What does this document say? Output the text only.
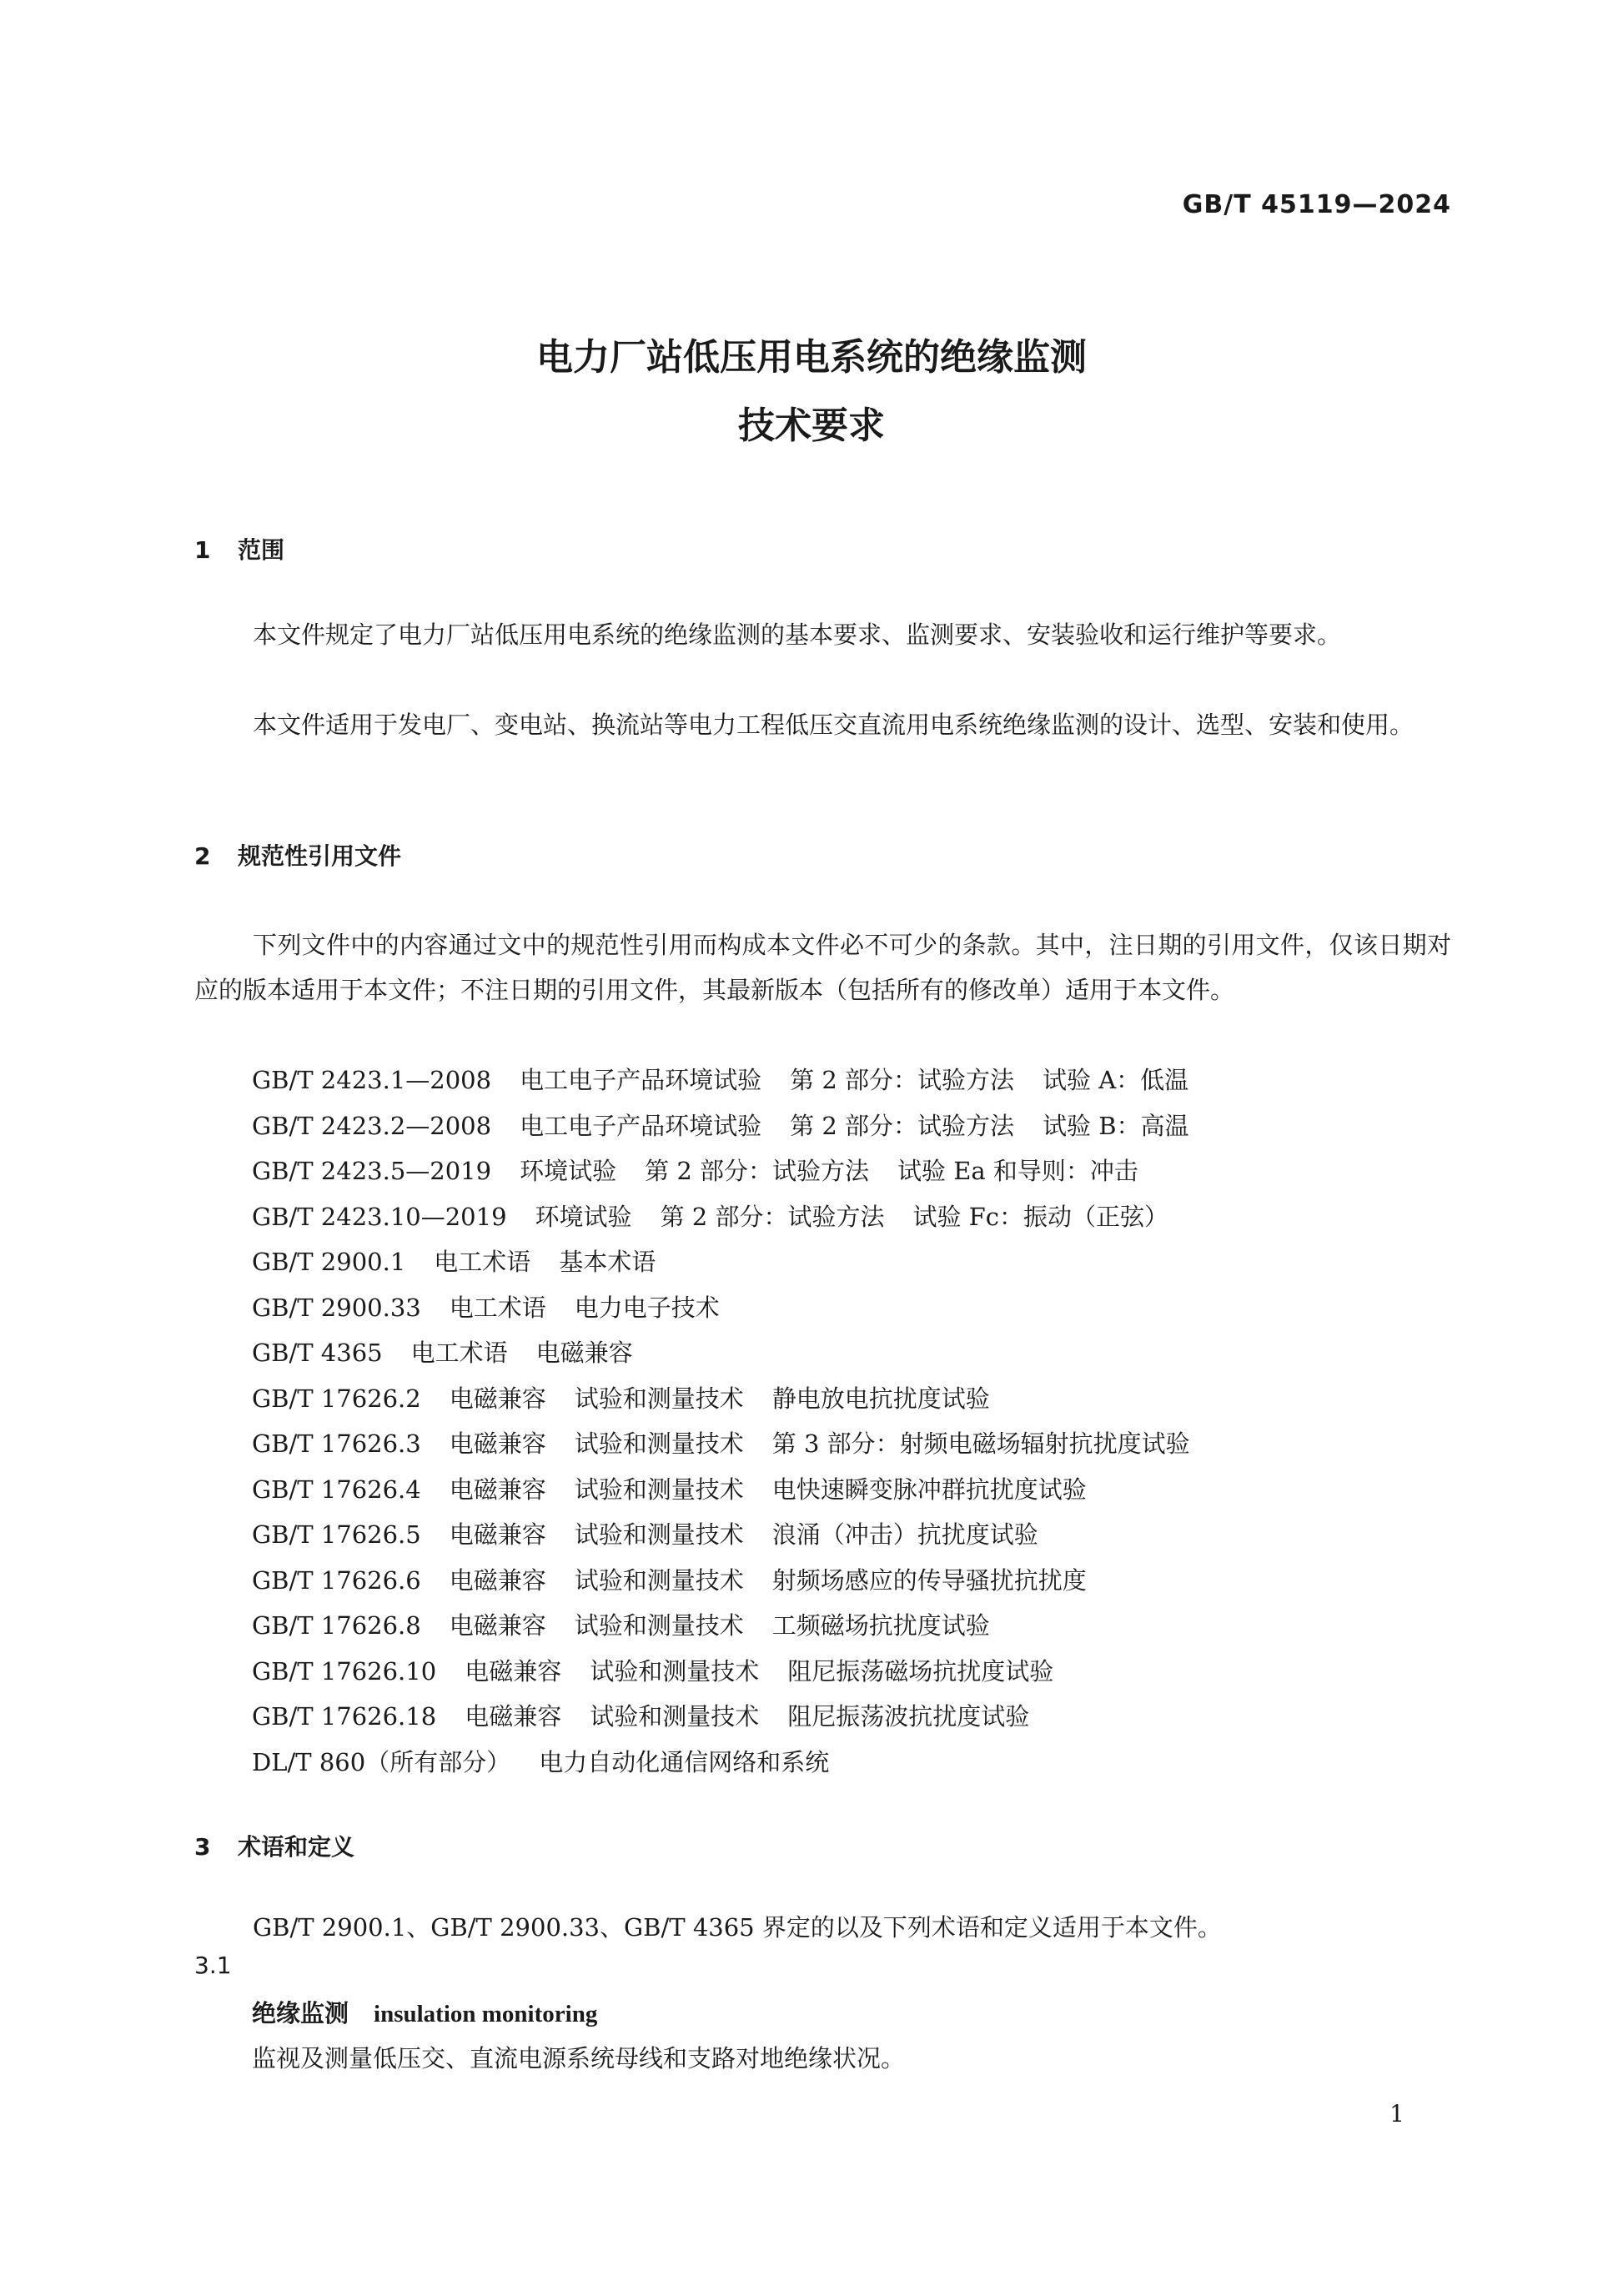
GB/T 45119—2024
电力厂站低压用电系统的绝缘监测
技术要求
1 范围

本文件规定了电力厂站低压用电系统的绝缘监测的基本要求、监测要求、安装验收和运行维护等要求。

本文件适用于发电厂、变电站、换流站等电力工程低压交直流用电系统绝缘监测的设计、选型、安装和使用。

2 规范性引用文件

下列文件中的内容通过文中的规范性引用而构成本文件必不可少的条款。其中，注日期的引用文件，仅该日期对应的版本适用于本文件；不注日期的引用文件，其最新版本（包括所有的修改单）适用于本文件。

GB/T 2423.1—2008 电工电子产品环境试验 第 2 部分：试验方法 试验 A：低温
GB/T 2423.2—2008 电工电子产品环境试验 第 2 部分：试验方法 试验 B：高温
GB/T 2423.5—2019 环境试验 第 2 部分：试验方法 试验 Ea 和导则：冲击
GB/T 2423.10—2019 环境试验 第 2 部分：试验方法 试验 Fc：振动（正弦）
GB/T 2900.1 电工术语 基本术语
GB/T 2900.33 电工术语 电力电子技术
GB/T 4365 电工术语 电磁兼容
GB/T 17626.2 电磁兼容 试验和测量技术 静电放电抗扰度试验
GB/T 17626.3 电磁兼容 试验和测量技术 第 3 部分：射频电磁场辐射抗扰度试验
GB/T 17626.4 电磁兼容 试验和测量技术 电快速瞬变脉冲群抗扰度试验
GB/T 17626.5 电磁兼容 试验和测量技术 浪涌（冲击）抗扰度试验
GB/T 17626.6 电磁兼容 试验和测量技术 射频场感应的传导骚扰抗扰度
GB/T 17626.8 电磁兼容 试验和测量技术 工频磁场抗扰度试验
GB/T 17626.10 电磁兼容 试验和测量技术 阻尼振荡磁场抗扰度试验
GB/T 17626.18 电磁兼容 试验和测量技术 阻尼振荡波抗扰度试验
DL/T 860（所有部分） 电力自动化通信网络和系统
3 术语和定义

GB/T 2900.1、GB/T 2900.33、GB/T 4365 界定的以及下列术语和定义适用于本文件。

3.1
绝缘监测 insulation monitoring
监视及测量低压交、直流电源系统母线和支路对地绝缘状况。
1
